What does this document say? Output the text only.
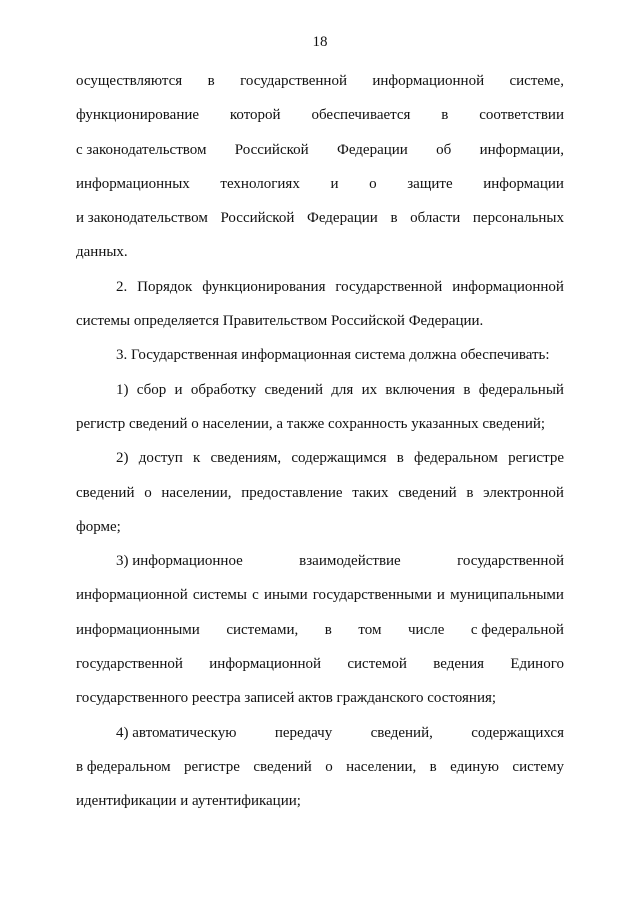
18
осуществляются в государственной информационной системе,
функционирование которой обеспечивается в соответствии
с законодательством Российской Федерации об информации,
информационных технологиях и о защите информации
и законодательством Российской Федерации в области персональных
данных.
2. Порядок функционирования государственной информационной
системы определяется Правительством Российской Федерации.
3. Государственная информационная система должна обеспечивать:
1) сбор и обработку сведений для их включения в федеральный
регистр сведений о населении, а также сохранность указанных сведений;
2) доступ к сведениям, содержащимся в федеральном регистре
сведений о населении, предоставление таких сведений в электронной
форме;
3) информационное	взаимодействие	государственной
информационной системы с иными государственными и муниципальными
информационными системами, в том числе с федеральной
государственной информационной системой ведения Единого
государственного реестра записей актов гражданского состояния;
4) автоматическую	передачу	сведений,	содержащихся
в федеральном регистре сведений о населении, в единую систему
идентификации и аутентификации;
